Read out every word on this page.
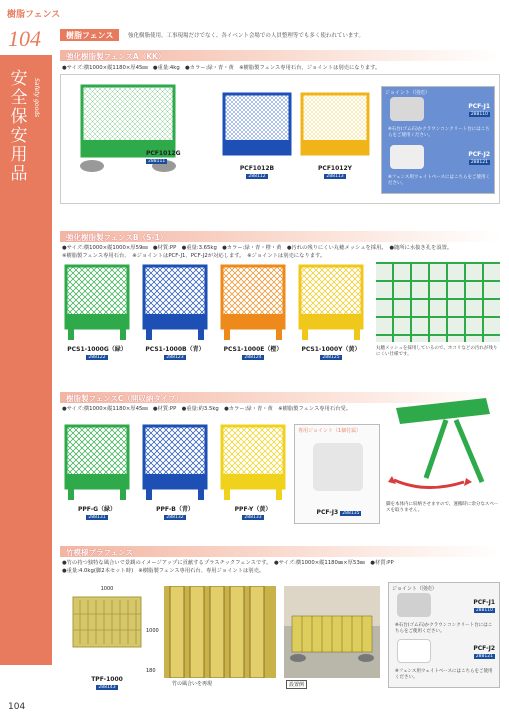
樹脂フェンス
104
安全保安用品
Safety goods
樹脂フェンス	強化樹脂使用。工事現場だけでなく、各イベント会場での人員整理等でも多く使われています。
強化樹脂製フェンスA（KK）
●サイズ:横1000×縦1180×厚45㎜　●重量:4kg　●カラー:緑・青・黄　※樹脂製フェンス専用石台、ジョイントは別売になります。
PCF1012G
288111
PCF1012B
288112
PCF1012Y
288113
ジョイント（別売）
PCF-J1
288110
※石台(ゴム石)かクラウンコンクリート台にはこちらをご使用ください。
PCF-J2
288121
※フェンス用ウェイトベースにはこちらをご使用ください。
強化樹脂製フェンスB（S-1）
●サイズ:横1000×縦1000×厚59㎜　●材質:PP　●重量:3.65kg　●カラー:緑・青・橙・黄　●汚れの残りにくい丸穂メッシュを採用。　●随所に水抜き孔を設置。
※樹脂製フェンス専用石台、　※ジョイントはPCF-J1、PCF-J2が対応します。　※ジョイントは別売になります。
PCS1-1000G（緑）
288122
PCS1-1000B（青）
288123
PCS1-1000E（橙）
288124
PCS1-1000Y（黄）
288125
丸穂メッシュを採用しているので、ホコリなどの汚れが残りにくい仕様です。
樹脂製フェンスC（開収納タイプ）
●サイズ:横1000×縦1180×厚45㎜　●材質:PP　●重量:約3.5kg　●カラー:緑・青・黄　※樹脂製フェンス専用石台受。
PPF-G（緑）
288131
PPF-B（青）
288132
PPF-Y（黄）
288133
専用ジョイント（1個付属）
PCF-J3 288135
脚を本体内に収納させますので、運搬時に余分なスペースを取りません。
竹模様プラフェンス
●竹の持つ独特な風合いで景観のイメージアップに貢献するプラスチックフェンスです。　●サイズ:横1000×縦1180㎜×厚53㎜　●材質:PP
●重量:4.0kg(脚2本セット時)　※樹脂製フェンス専用石台、専用ジョイントは別売。
1000
1000
180
TPF-1000
288143
竹の風合いを再現	設置例
ジョイント（別売）
PCF-J1
288110
※石台(ゴム石)かクラウンコンクリート台にはこちらをご使用ください。
PCF-J2
288121
※フェンス用ウェイトベースにはこちらをご使用ください。
104
